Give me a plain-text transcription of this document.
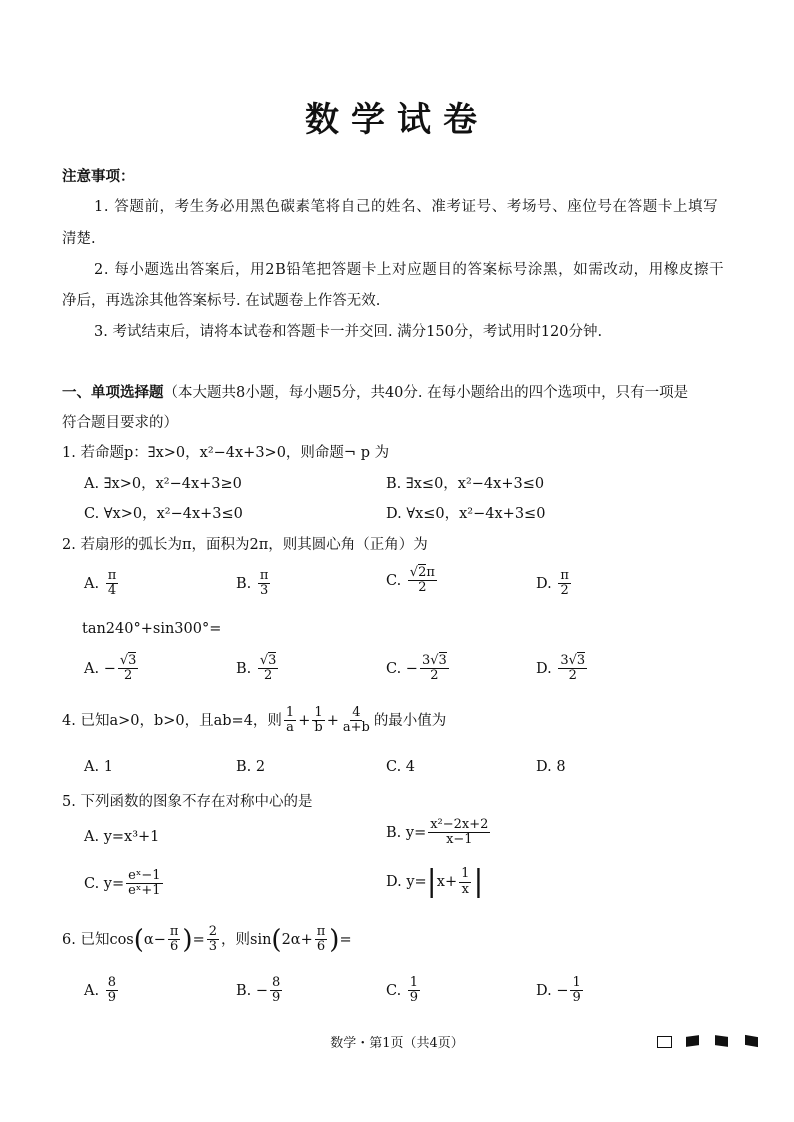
数学试卷
注意事项：
1. 答题前，考生务必用黑色碳素笔将自己的姓名、准考证号、考场号、座位号在答题卡上填写
清楚.
2. 每小题选出答案后，用2B铅笔把答题卡上对应题目的答案标号涂黑，如需改动，用橡皮擦干
净后，再选涂其他答案标号. 在试题卷上作答无效.
3. 考试结束后，请将本试卷和答题卡一并交回. 满分150分，考试用时120分钟.
一、单项选择题（本大题共8小题，每小题5分，共40分. 在每小题给出的四个选项中，只有一项是
符合题目要求的）
1. 若命题p：∃x>0，x²−4x+3>0，则命题¬ p 为
A. ∃x>0，x²−4x+3≥0	B. ∃x≤0，x²−4x+3≤0
C. ∀x>0，x²−4x+3≤0	D. ∀x≤0，x²−4x+3≤0
2. 若扇形的弧长为π，面积为2π，则其圆心角（正角）为
A. $\frac{\pi}{4}$	B. $\frac{\pi}{3}$	C. $\frac{√2\pi}{2}$	D. $\frac{\pi}{2}$
tan240°+sin300°=
A. − $\frac{√3}{2}$	B. $\frac{√3}{2}$	C. − $\frac{3√3}{2}$	D. $\frac{3√3}{2}$
4. 已知a>0，b>0，且ab=4，则 $\frac{1}{a} + \frac{1}{b} + \frac{4}{a+b}$ 的最小值为
A. 1	B. 2	C. 4	D. 8
5. 下列函数的图象不存在对称中心的是
A. y=x³+1	B. $y= \frac{\text{x²−2x+2}}{x-1}$
C. $y= \frac{\text{eˣ−1}}{\text{eˣ+1}}$	D. $y=|x+ \frac{1}{x}$ |
6. 已知$\cos(\alpha- \frac{\pi}{6}$ )= $\frac{2}{3}$ ，则$\sin(2\alpha+ \frac{\pi}{6}$ )=
A. $\frac{8}{9}$	B. − $\frac{8}{9}$	C. $\frac{1}{9}$	D. − $\frac{1}{9}$
数学・第1页（共4页）
